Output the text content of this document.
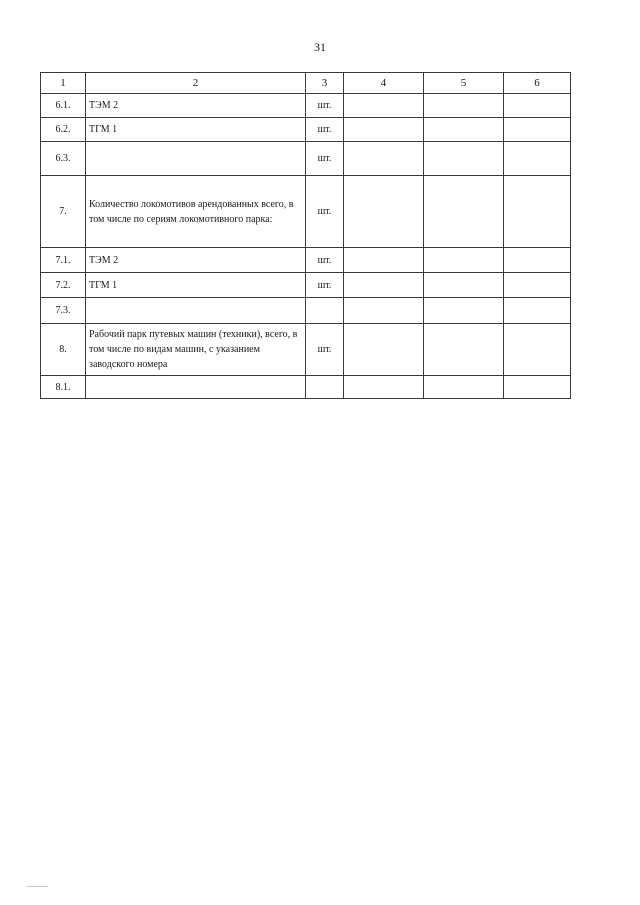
31
1	2	3	4	5	6
6.1.	ТЭМ 2	шт.			
6.2.	ТГМ 1	шт.			
6.3.		шт.			
7.	Количество локомотивов арендованных всего, в том числе по сериям локомотивного парка:	шт.			
7.1.	ТЭМ 2	шт.			
7.2.	ТГМ 1	шт.			
7.3.					
8.	Рабочий парк путевых машин (техники), всего, в том числе по видам машин, с указанием заводского номера	шт.			
8.1.					
